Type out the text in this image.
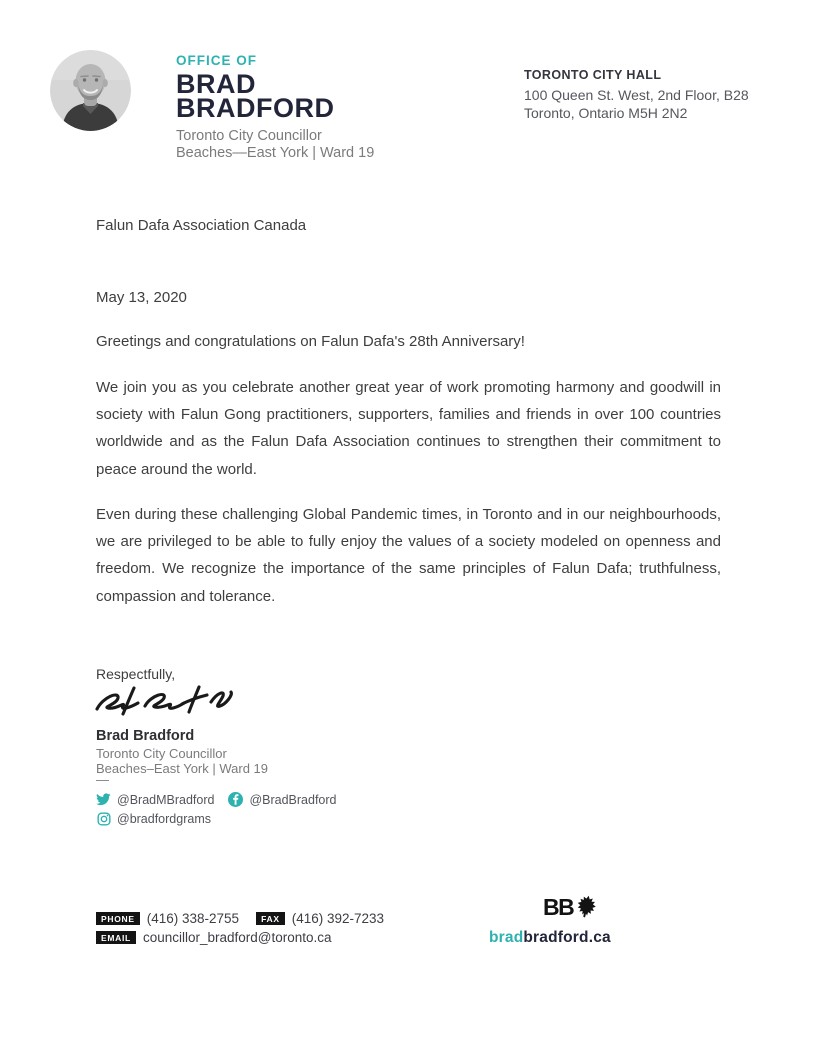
OFFICE OF
BRAD
BRADFORD
Toronto City Councillor
Beaches—East York | Ward 19
TORONTO CITY HALL
100 Queen St. West, 2nd Floor, B28
Toronto, Ontario M5H 2N2
Falun Dafa Association Canada
May 13, 2020
Greetings and congratulations on Falun Dafa's 28th Anniversary!
We join you as you celebrate another great year of work promoting harmony and goodwill in society with Falun Gong practitioners, supporters, families and friends in over 100 countries worldwide and as the Falun Dafa Association continues to strengthen their commitment to peace around the world.
Even during these challenging Global Pandemic times, in Toronto and in our neighbourhoods, we are privileged to be able to fully enjoy the values of a society modeled on openness and freedom. We recognize the importance of the same principles of Falun Dafa; truthfulness, compassion and tolerance.
Respectfully,
Brad Bradford
Toronto City Councillor
Beaches–East York | Ward 19
—
@BradMBradford	@BradBradford
@bradfordgrams
PHONE (416) 338-2755	FAX (416) 392-7233
EMAIL councillor_bradford@toronto.ca
BB
bradbradford.ca
